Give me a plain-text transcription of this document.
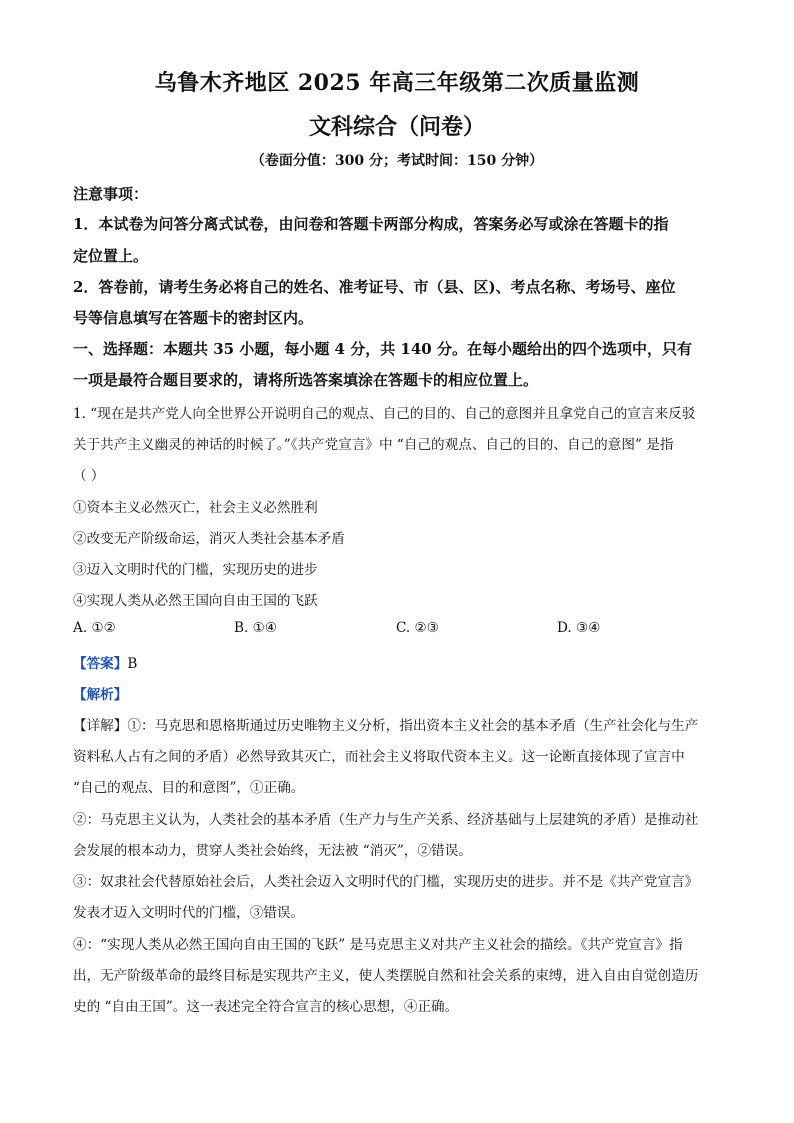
乌鲁木齐地区 2025 年高三年级第二次质量监测
文科综合（问卷）
（卷面分值：300 分；考试时间：150 分钟）
注意事项：
1．本试卷为问答分离式试卷，由问卷和答题卡两部分构成，答案务必写或涂在答题卡的指
定位置上。
2．答卷前，请考生务必将自己的姓名、准考证号、市（县、区)、考点名称、考场号、座位
号等信息填写在答题卡的密封区内。
一、选择题：本题共 35 小题，每小题 4 分，共 140 分。在每小题给出的四个选项中，只有
一项是最符合题目要求的，请将所选答案填涂在答题卡的相应位置上。
1. “现在是共产党人向全世界公开说明自己的观点、自己的目的、自己的意图并且拿党自己的宣言来反驳
关于共产主义幽灵的神话的时候了。”《共产党宣言》中 “自己的观点、自己的目的、自己的意图” 是指
（ ）
①资本主义必然灭亡，社会主义必然胜利
②改变无产阶级命运，消灭人类社会基本矛盾
③迈入文明时代的门槛，实现历史的进步
④实现人类从必然王国向自由王国的飞跃
A. ①②	B. ①④	C. ②③	D. ③④
【答案】B
【解析】
【详解】①：马克思和恩格斯通过历史唯物主义分析，指出资本主义社会的基本矛盾（生产社会化与生产
资料私人占有之间的矛盾）必然导致其灭亡，而社会主义将取代资本主义。这一论断直接体现了宣言中
“自己的观点、目的和意图”，①正确。
②：马克思主义认为，人类社会的基本矛盾（生产力与生产关系、经济基础与上层建筑的矛盾）是推动社
会发展的根本动力，贯穿人类社会始终，无法被 “消灭”，②错误。
③：奴隶社会代替原始社会后，人类社会迈入文明时代的门槛，实现历史的进步。并不是《共产党宣言》
发表才迈入文明时代的门槛，③错误。
④：“实现人类从必然王国向自由王国的飞跃” 是马克思主义对共产主义社会的描绘。《共产党宣言》指
出，无产阶级革命的最终目标是实现共产主义，使人类摆脱自然和社会关系的束缚，进入自由自觉创造历
史的 “自由王国”。这一表述完全符合宣言的核心思想，④正确。
